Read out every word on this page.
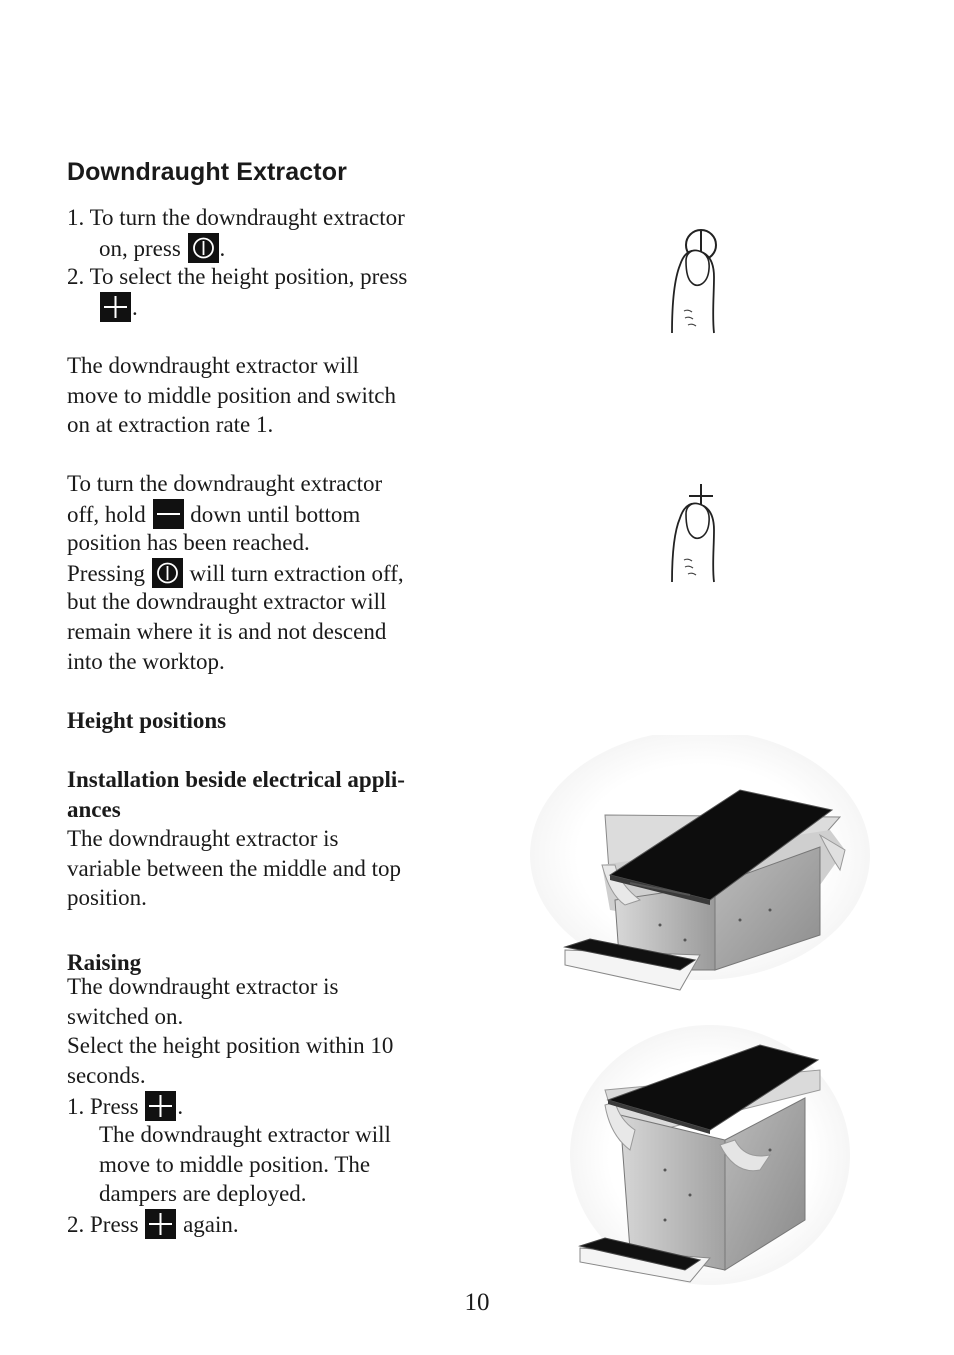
Downdraught Extractor
1. To turn the downdraught extractor
on, press .
2. To select the height position, press
.
The downdraught extractor will
move to middle position and switch
on at extraction rate 1.
To turn the downdraught extractor
off, hold down until bottom
position has been reached.
Pressing will turn extraction off,
but the downdraught extractor will
remain where it is and not descend
into the worktop.
Height positions
Installation beside electrical appli-
ances
The downdraught extractor is
variable between the middle and top
position.
Raising
The downdraught extractor is
switched on.
Select the height position within 10
seconds.
1. Press .
The downdraught extractor will
move to middle position. The
dampers are deployed.
2. Press again.
10
